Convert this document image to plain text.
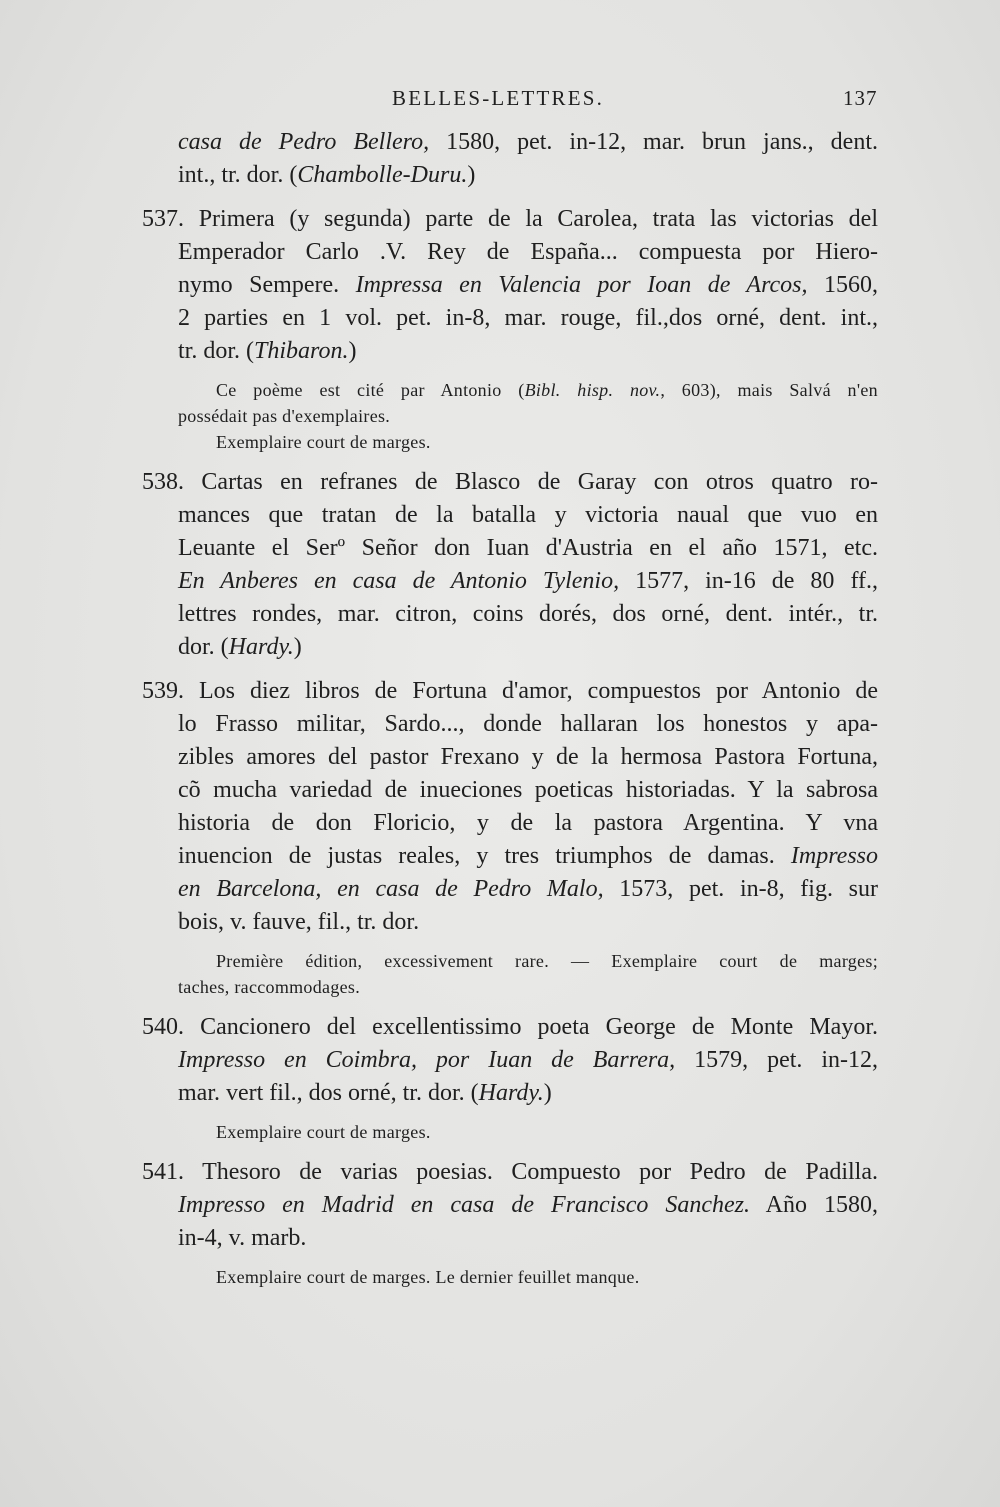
BELLES-LETTRES.	137
casa de Pedro Bellero, 1580, pet. in-12, mar. brun jans., dent.
int., tr. dor. (Chambolle-Duru.)
537. Primera (y segunda) parte de la Carolea, trata las victorias del
Emperador Carlo .V. Rey de España... compuesta por Hiero-
nymo Sempere. Impressa en Valencia por Ioan de Arcos, 1560,
2 parties en 1 vol. pet. in-8, mar. rouge, fil.,dos orné, dent. int.,
tr. dor. (Thibaron.)
Ce poème est cité par Antonio (Bibl. hisp. nov., 603), mais Salvá n'en
possédait pas d'exemplaires.
Exemplaire court de marges.
538. Cartas en refranes de Blasco de Garay con otros quatro ro-
mances que tratan de la batalla y victoria naual que vuo en
Leuante el Serº Señor don Iuan d'Austria en el año 1571, etc.
En Anberes en casa de Antonio Tylenio, 1577, in-16 de 80 ff.,
lettres rondes, mar. citron, coins dorés, dos orné, dent. intér., tr.
dor. (Hardy.)
539. Los diez libros de Fortuna d'amor, compuestos por Antonio de
lo Frasso militar, Sardo..., donde hallaran los honestos y apa-
zibles amores del pastor Frexano y de la hermosa Pastora Fortuna,
cõ mucha variedad de inueciones poeticas historiadas. Y la sabrosa
historia de don Floricio, y de la pastora Argentina. Y vna
inuencion de justas reales, y tres triumphos de damas. Impresso
en Barcelona, en casa de Pedro Malo, 1573, pet. in-8, fig. sur
bois, v. fauve, fil., tr. dor.
Première édition, excessivement rare. — Exemplaire court de marges;
taches, raccommodages.
540. Cancionero del excellentissimo poeta George de Monte Mayor.
Impresso en Coimbra, por Iuan de Barrera, 1579, pet. in-12,
mar. vert fil., dos orné, tr. dor. (Hardy.)
Exemplaire court de marges.
541. Thesoro de varias poesias. Compuesto por Pedro de Padilla.
Impresso en Madrid en casa de Francisco Sanchez. Año 1580,
in-4, v. marb.
Exemplaire court de marges. Le dernier feuillet manque.
